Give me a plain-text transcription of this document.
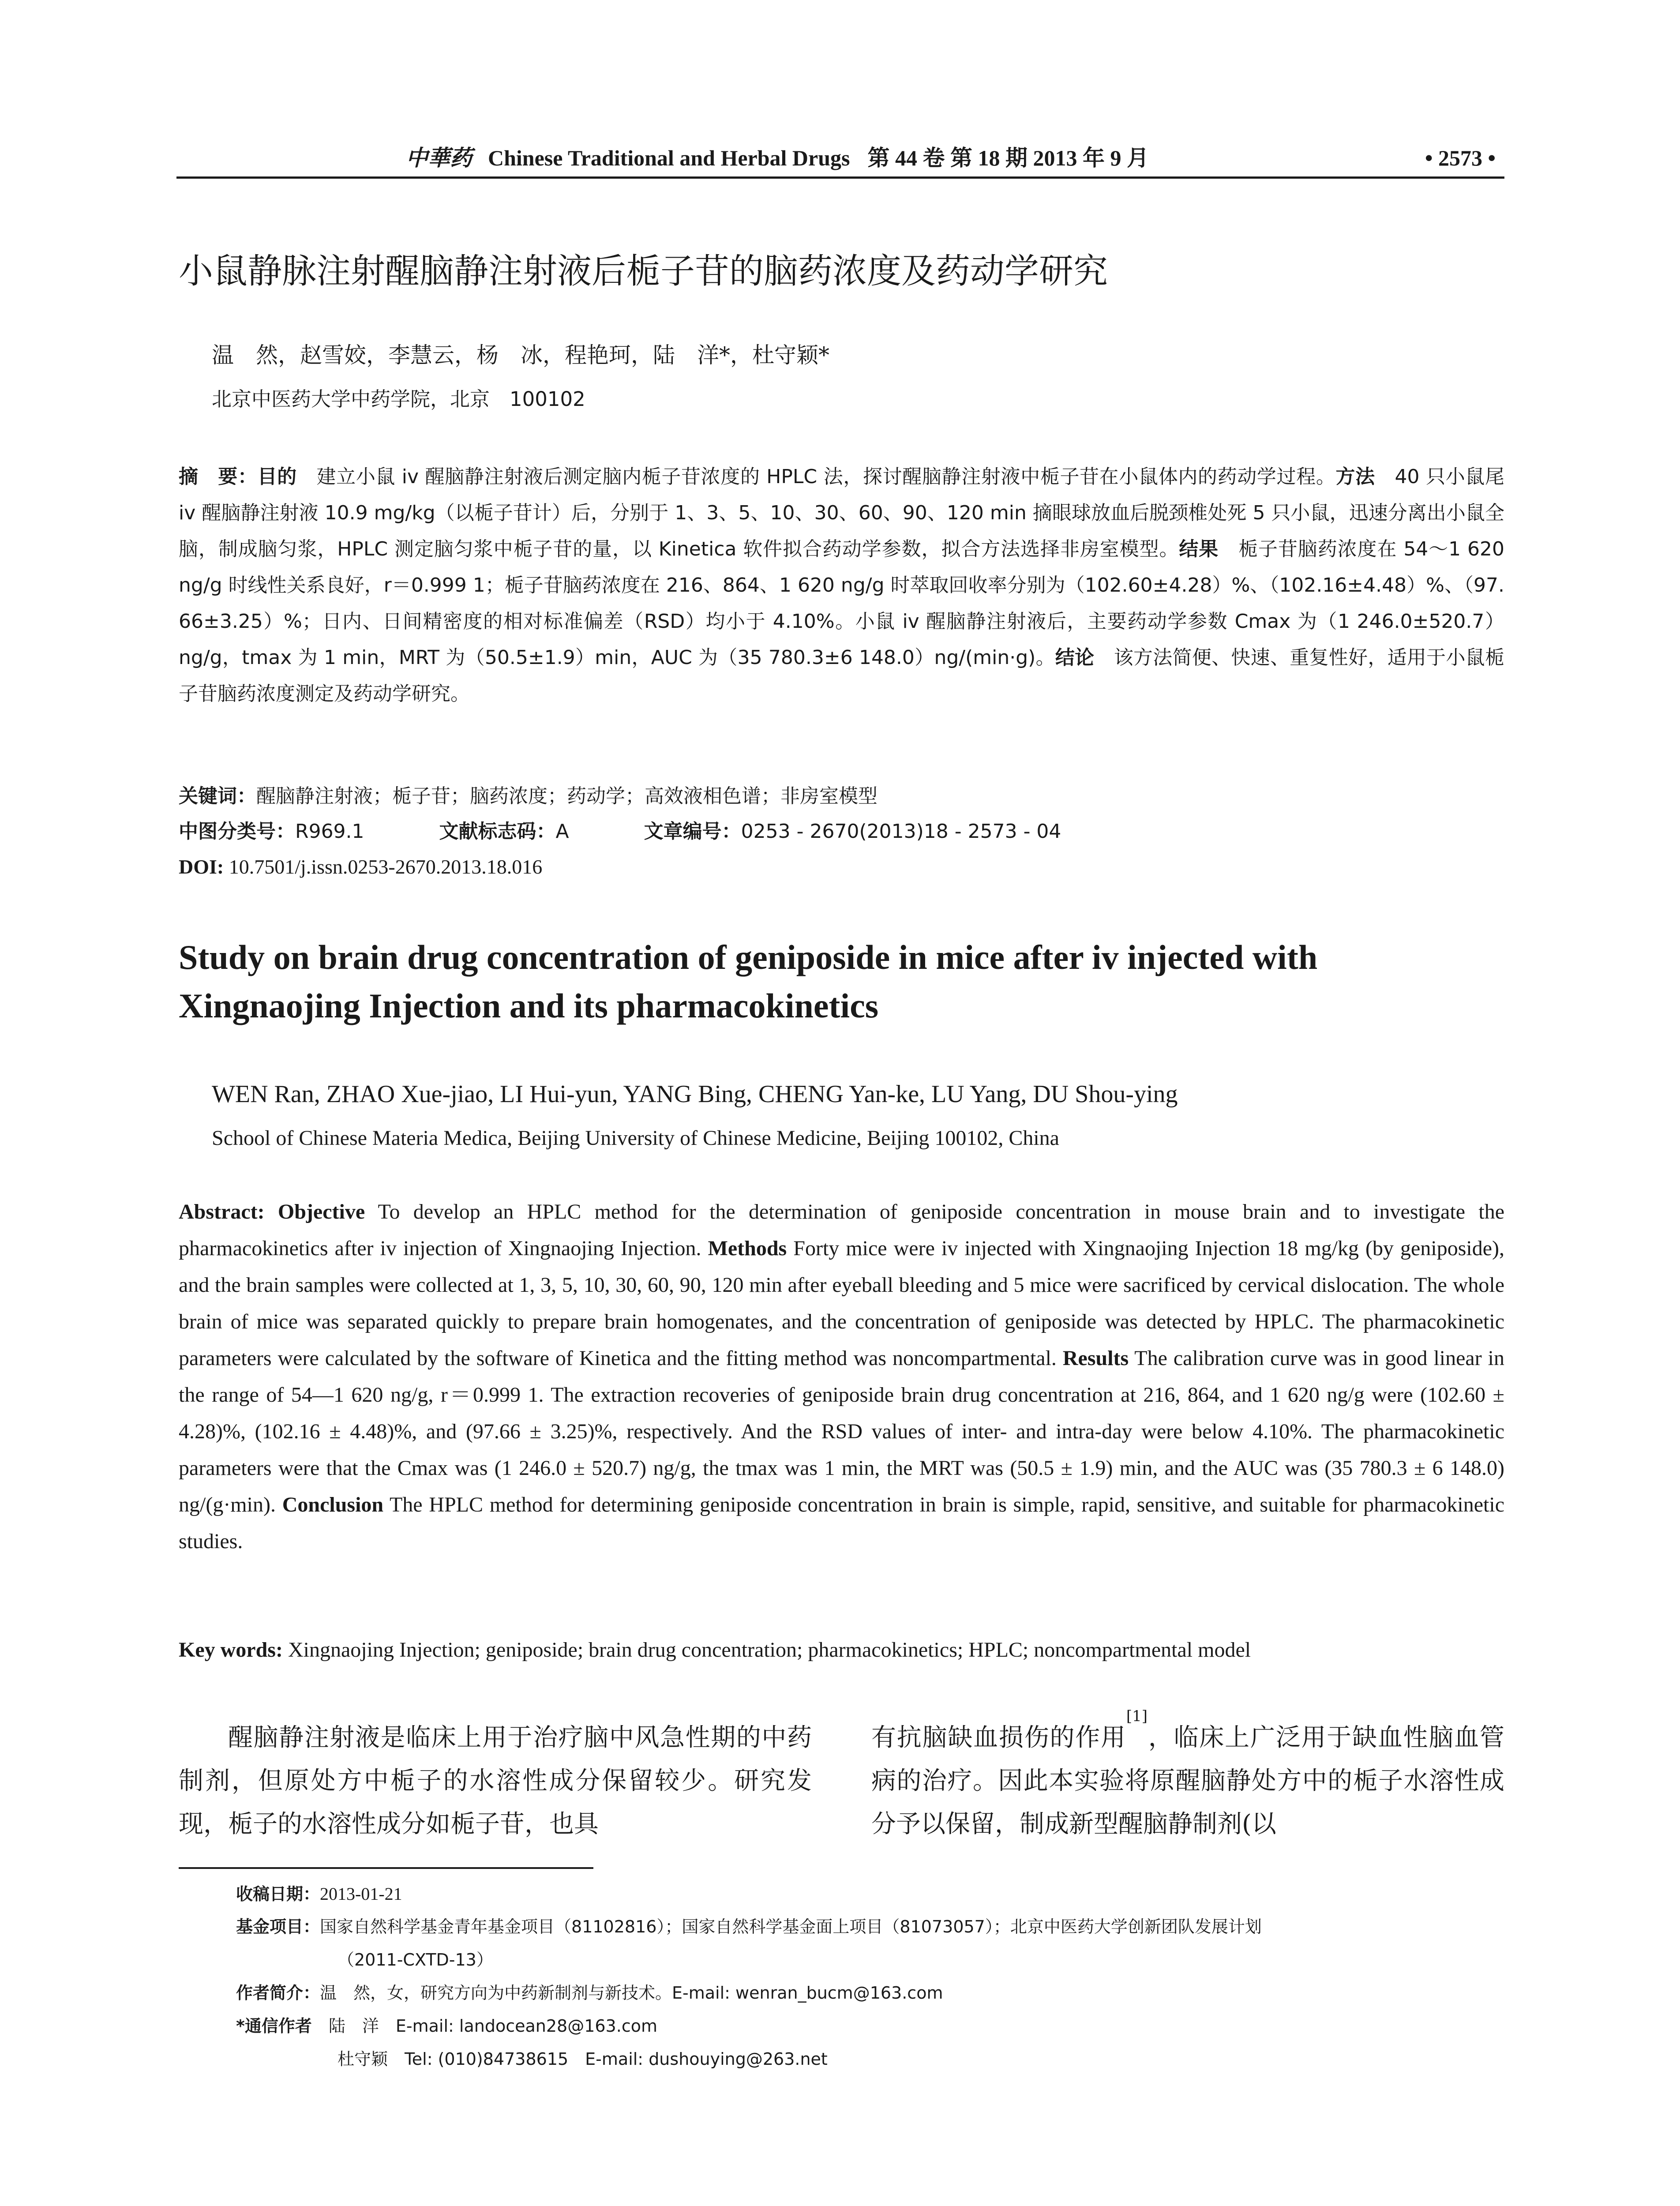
中華药 Chinese Traditional and Herbal Drugs 第 44 卷 第 18 期 2013 年 9 月	• 2573 •
小鼠静脉注射醒脑静注射液后栀子苷的脑药浓度及药动学研究
温　然，赵雪姣，李慧云，杨　冰，程艳珂，陆　洋*，杜守颖*
北京中医药大学中药学院，北京　100102
摘　要：目的　建立小鼠 iv 醒脑静注射液后测定脑内栀子苷浓度的 HPLC 法，探讨醒脑静注射液中栀子苷在小鼠体内的药动学过程。方法　40 只小鼠尾 iv 醒脑静注射液 10.9 mg/kg（以栀子苷计）后，分别于 1、3、5、10、30、60、90、120 min 摘眼球放血后脱颈椎处死 5 只小鼠，迅速分离出小鼠全脑，制成脑匀浆，HPLC 测定脑匀浆中栀子苷的量，以 Kinetica 软件拟合药动学参数，拟合方法选择非房室模型。结果　栀子苷脑药浓度在 54～1 620 ng/g 时线性关系良好，r＝0.999 1；栀子苷脑药浓度在 216、864、1 620 ng/g 时萃取回收率分别为（102.60±4.28）%、（102.16±4.48）%、（97. 66±3.25）%；日内、日间精密度的相对标准偏差（RSD）均小于 4.10%。小鼠 iv 醒脑静注射液后，主要药动学参数 Cmax 为（1 246.0±520.7）ng/g，tmax 为 1 min，MRT 为（50.5±1.9）min，AUC 为（35 780.3±6 148.0）ng/(min·g)。结论　该方法简便、快速、重复性好，适用于小鼠栀子苷脑药浓度测定及药动学研究。
关键词：醒脑静注射液；栀子苷；脑药浓度；药动学；高效液相色谱；非房室模型
中图分类号：R969.1	文献标志码：A	文章编号：0253 - 2670(2013)18 - 2573 - 04
DOI: 10.7501/j.issn.0253-2670.2013.18.016
Study on brain drug concentration of geniposide in mice after iv injected with Xingnaojing Injection and its pharmacokinetics
WEN Ran, ZHAO Xue-jiao, LI Hui-yun, YANG Bing, CHENG Yan-ke, LU Yang, DU Shou-ying
School of Chinese Materia Medica, Beijing University of Chinese Medicine, Beijing 100102, China
Abstract: Objective To develop an HPLC method for the determination of geniposide concentration in mouse brain and to investigate the pharmacokinetics after iv injection of Xingnaojing Injection. Methods Forty mice were iv injected with Xingnaojing Injection 18 mg/kg (by geniposide), and the brain samples were collected at 1, 3, 5, 10, 30, 60, 90, 120 min after eyeball bleeding and 5 mice were sacrificed by cervical dislocation. The whole brain of mice was separated quickly to prepare brain homogenates, and the concentration of geniposide was detected by HPLC. The pharmacokinetic parameters were calculated by the software of Kinetica and the fitting method was noncompartmental. Results The calibration curve was in good linear in the range of 54—1 620 ng/g, r＝0.999 1. The extraction recoveries of geniposide brain drug concentration at 216, 864, and 1 620 ng/g were (102.60 ± 4.28)%, (102.16 ± 4.48)%, and (97.66 ± 3.25)%, respectively. And the RSD values of inter- and intra-day were below 4.10%. The pharmacokinetic parameters were that the Cmax was (1 246.0 ± 520.7) ng/g, the tmax was 1 min, the MRT was (50.5 ± 1.9) min, and the AUC was (35 780.3 ± 6 148.0) ng/(g·min). Conclusion The HPLC method for determining geniposide concentration in brain is simple, rapid, sensitive, and suitable for pharmacokinetic studies.
Key words: Xingnaojing Injection; geniposide; brain drug concentration; pharmacokinetics; HPLC; noncompartmental model
醒脑静注射液是临床上用于治疗脑中风急性期的中药制剂，但原处方中栀子的水溶性成分保留较少。研究发现，栀子的水溶性成分如栀子苷，也具
有抗脑缺血损伤的作用[1]，临床上广泛用于缺血性脑血管病的治疗。因此本实验将原醒脑静处方中的栀子水溶性成分予以保留，制成新型醒脑静制剂(以
收稿日期：2013-01-21
基金项目：国家自然科学基金青年基金项目（81102816）；国家自然科学基金面上项目（81073057）；北京中医药大学创新团队发展计划
（2011-CXTD-13）
作者简介：温　然，女，研究方向为中药新制剂与新技术。E-mail: wenran_bucm@163.com
*通信作者　 陆　洋　E-mail: landocean28@163.com
杜守颖　Tel: (010)84738615　E-mail: dushouying@263.net
